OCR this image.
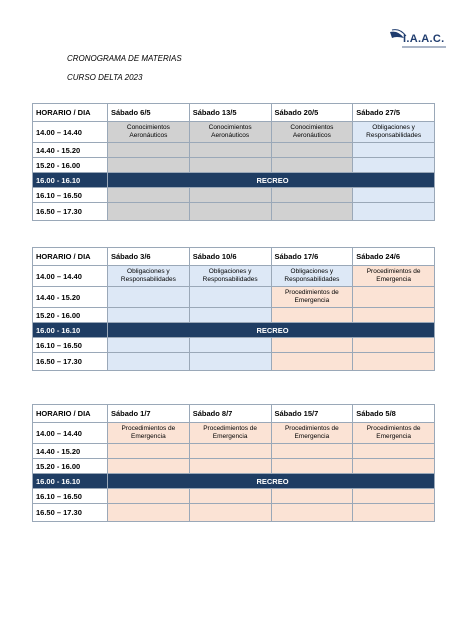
I.A.A.C.
CRONOGRAMA DE MATERIAS
CURSO DELTA 2023
HORARIO / DIA	Sábado 6/5	Sábado 13/5	Sábado 20/5	Sábado 27/5
14.00 – 14.40	Conocimientos Aeronáuticos	Conocimientos Aeronáuticos	Conocimientos Aeronáuticos	Obligaciones y Responsabilidades
14.40 - 15.20				
15.20 - 16.00				
16.00 - 16.10	RECREO			
16.10 – 16.50				
16.50 – 17.30				
HORARIO / DIA	Sábado 3/6	Sábado 10/6	Sábado 17/6	Sábado 24/6
14.00 – 14.40	Obligaciones y Responsabilidades	Obligaciones y Responsabilidades	Obligaciones y Responsabilidades	Procedimientos de Emergencia
14.40 - 15.20			Procedimientos de Emergencia	
15.20 - 16.00				
16.00 - 16.10	RECREO			
16.10 – 16.50				
16.50 – 17.30				
HORARIO / DIA	Sábado 1/7	Sábado 8/7	Sábado 15/7	Sábado 5/8
14.00 – 14.40	Procedimientos de Emergencia	Procedimientos de Emergencia	Procedimientos de Emergencia	Procedimientos de Emergencia
14.40 - 15.20				
15.20 - 16.00				
16.00 - 16.10	RECREO			
16.10 – 16.50				
16.50 – 17.30				
